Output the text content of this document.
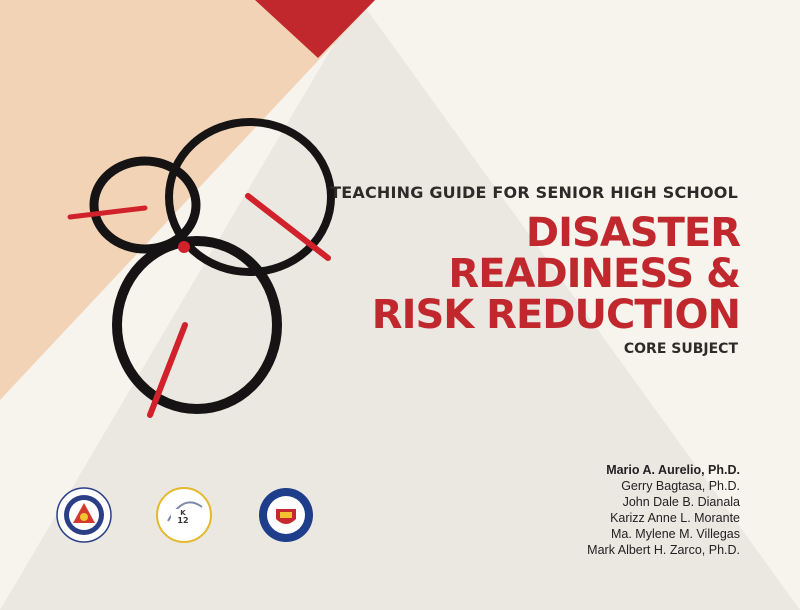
TEACHING GUIDE FOR SENIOR HIGH SCHOOL
DISASTER
READINESS &
RISK REDUCTION
CORE SUBJECT
Mario A. Aurelio, Ph.D.
Gerry Bagtasa, Ph.D.
John Dale B. Dianala
Karizz Anne L. Morante
Ma. Mylene M. Villegas
Mark Albert H. Zarco, Ph.D.
K
12
